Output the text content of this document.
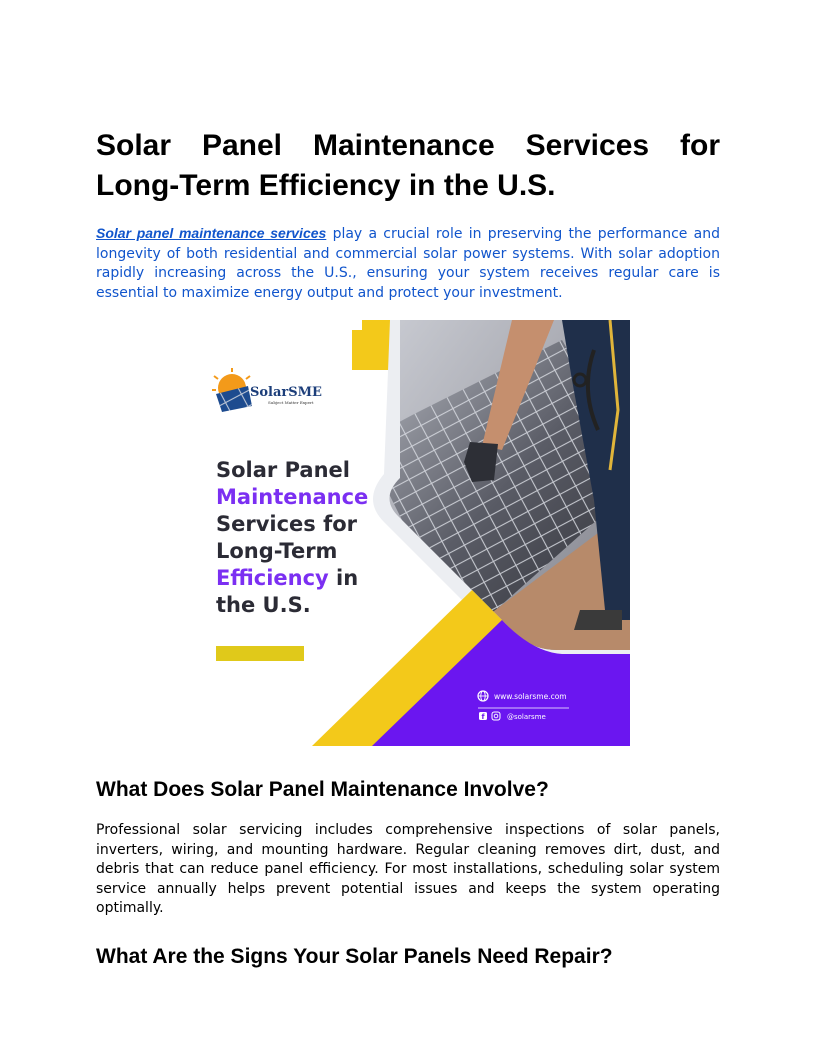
Solar Panel Maintenance Services for
Long-Term Efficiency in the U.S.

Solar panel maintenance services play a crucial role in preserving the performance and longevity of both residential and commercial solar power systems. With solar adoption rapidly increasing across the U.S., ensuring your system receives regular care is essential to maximize energy output and protect your investment.

SolarSME
Subject Matter Expert
Solar Panel
Maintenance
Services for
Long-Term
Efficiency in
the U.S.
www.solarsme.com
f	@solarsme
What Does Solar Panel Maintenance Involve?

Professional solar servicing includes comprehensive inspections of solar panels, inverters, wiring, and mounting hardware. Regular cleaning removes dirt, dust, and debris that can reduce panel efficiency. For most installations, scheduling solar system service annually helps prevent potential issues and keeps the system operating optimally.

What Are the Signs Your Solar Panels Need Repair?
